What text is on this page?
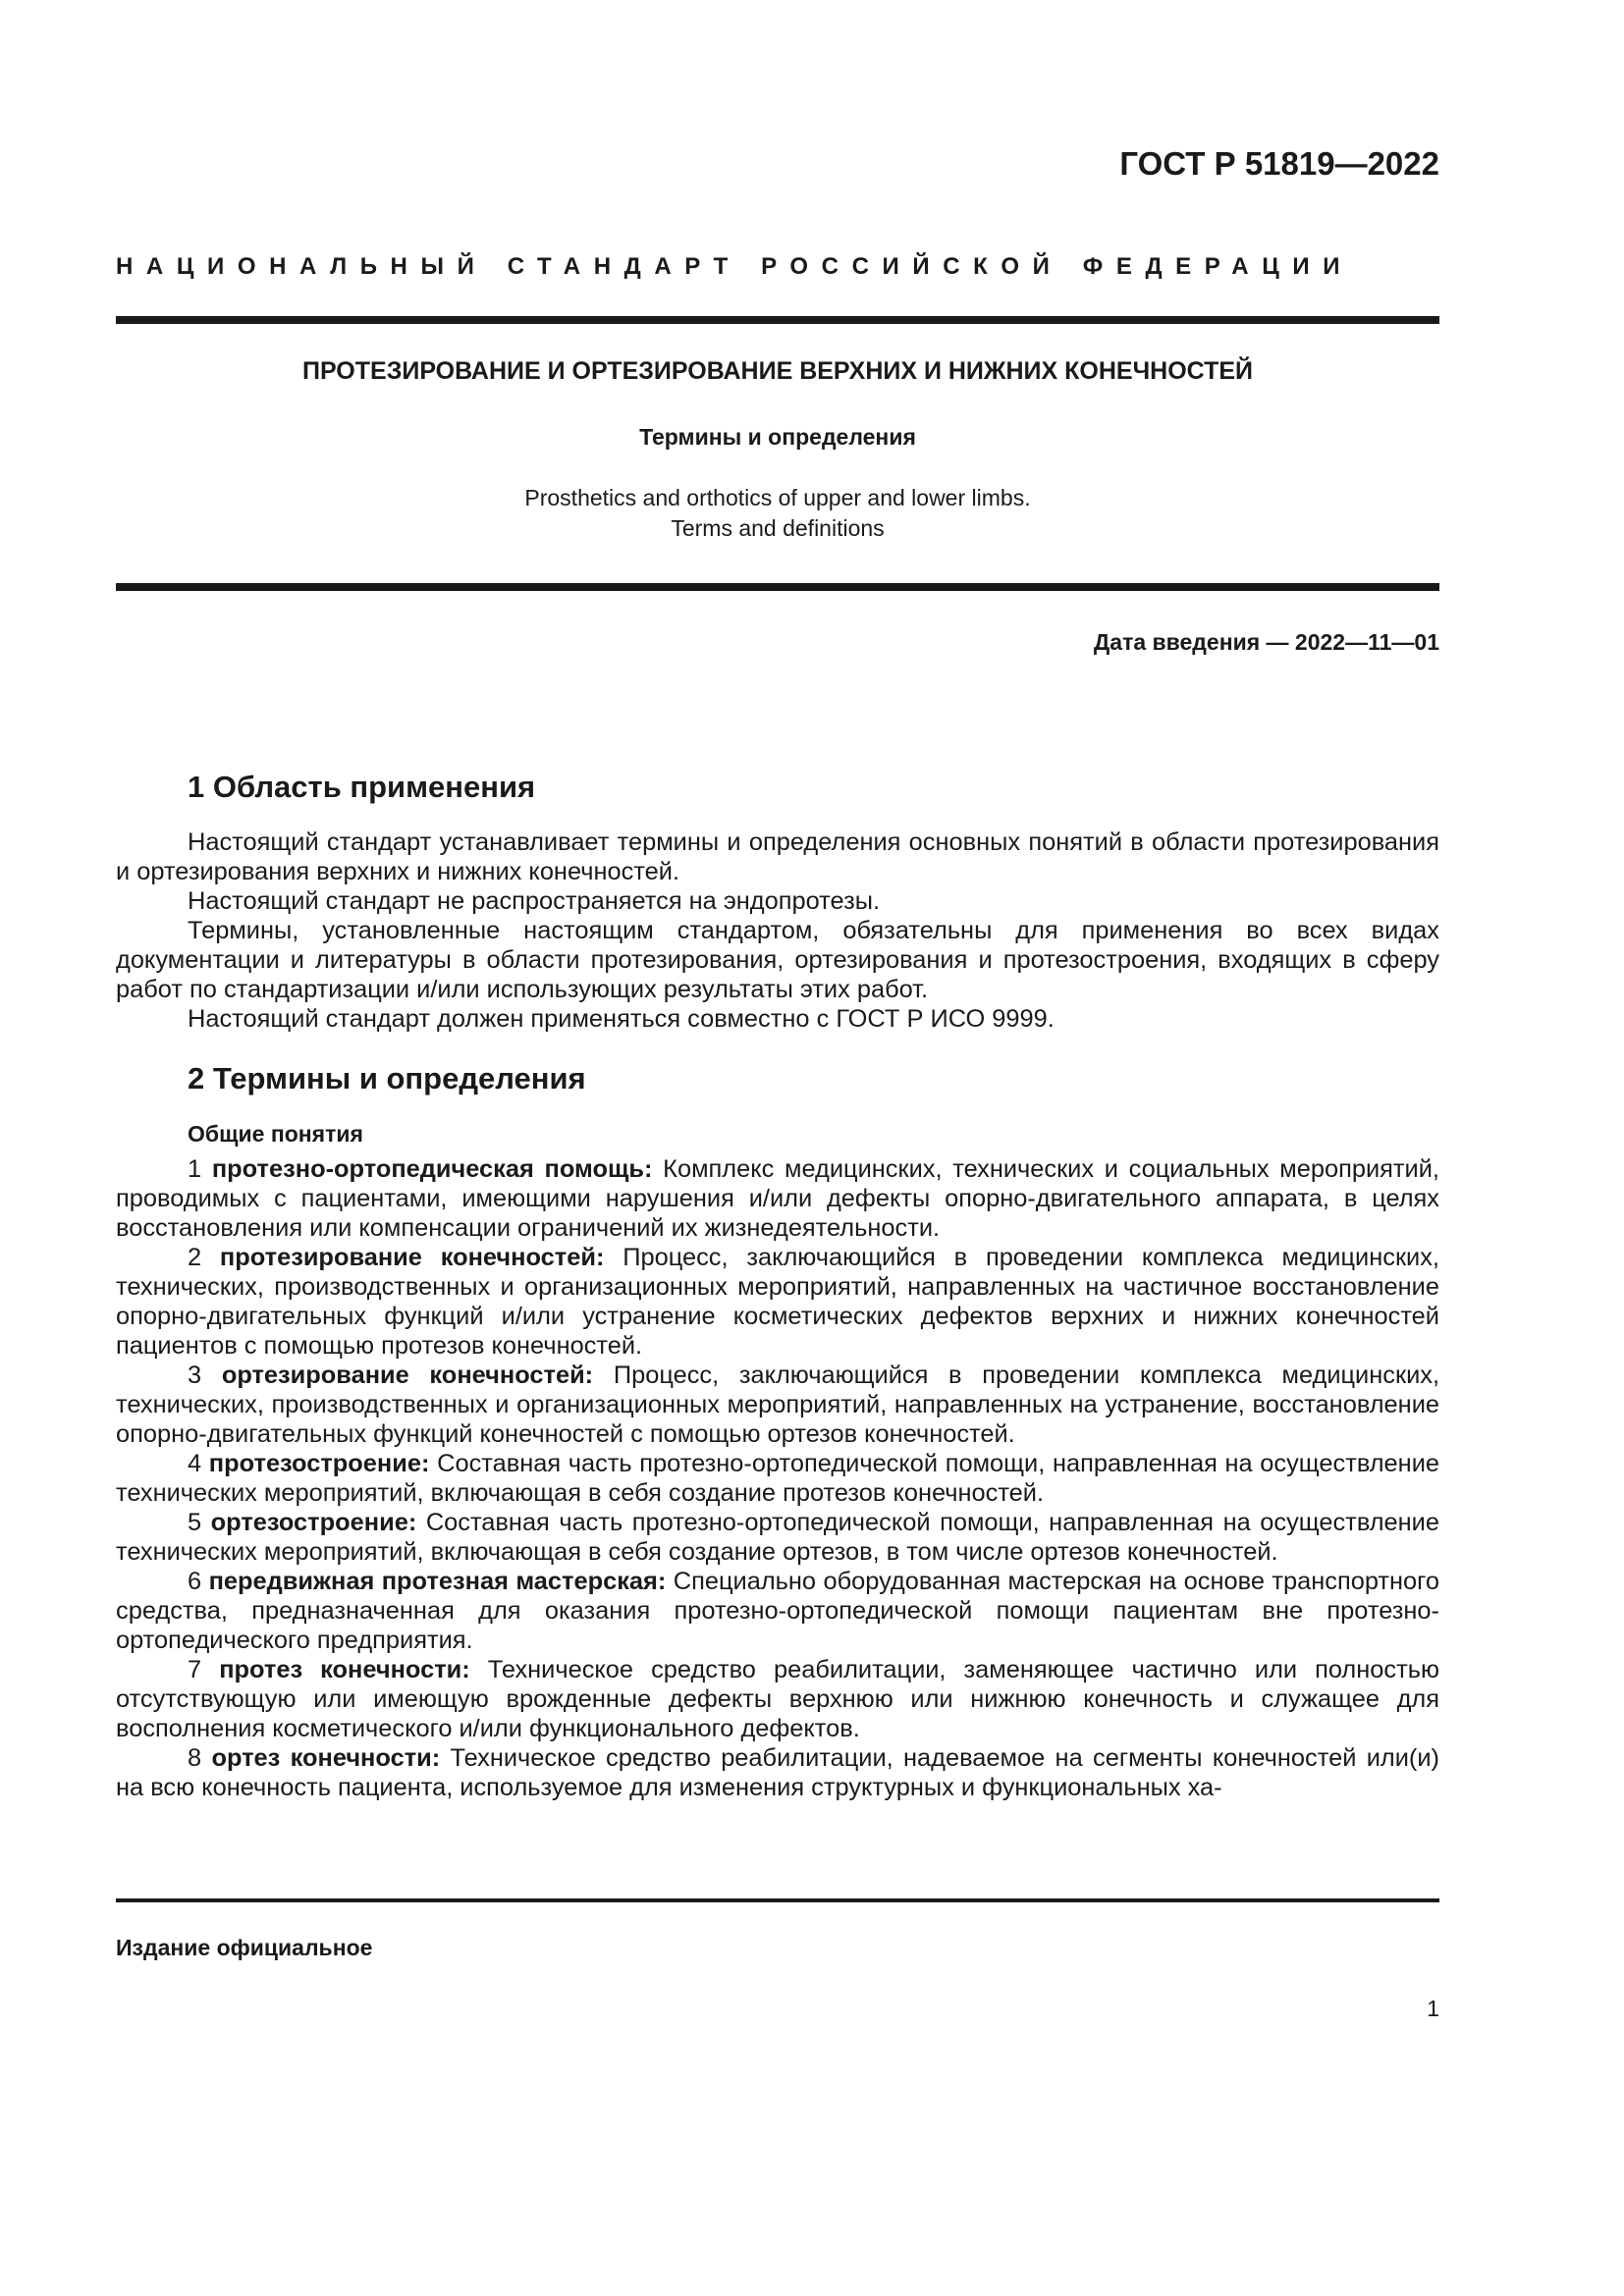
ГОСТ Р 51819—2022
НАЦИОНАЛЬНЫЙ СТАНДАРТ РОССИЙСКОЙ ФЕДЕРАЦИИ
ПРОТЕЗИРОВАНИЕ И ОРТЕЗИРОВАНИЕ ВЕРХНИХ И НИЖНИХ КОНЕЧНОСТЕЙ
Термины и определения
Prosthetics and orthotics of upper and lower limbs.
Terms and definitions
Дата введения — 2022—11—01
1 Область применения

Настоящий стандарт устанавливает термины и определения основных понятий в области протезирования и ортезирования верхних и нижних конечностей.

Настоящий стандарт не распространяется на эндопротезы.

Термины, установленные настоящим стандартом, обязательны для применения во всех видах документации и литературы в области протезирования, ортезирования и протезостроения, входящих в сферу работ по стандартизации и/или использующих результаты этих работ.

Настоящий стандарт должен применяться совместно с ГОСТ Р ИСО 9999.

2 Термины и определения
Общие понятия

1 протезно-ортопедическая помощь: Комплекс медицинских, технических и социальных мероприятий, проводимых с пациентами, имеющими нарушения и/или дефекты опорно-двигательного аппарата, в целях восстановления или компенсации ограничений их жизнедеятельности.

2 протезирование конечностей: Процесс, заключающийся в проведении комплекса медицинских, технических, производственных и организационных мероприятий, направленных на частичное восстановление опорно-двигательных функций и/или устранение косметических дефектов верхних и нижних конечностей пациентов с помощью протезов конечностей.

3 ортезирование конечностей: Процесс, заключающийся в проведении комплекса медицинских, технических, производственных и организационных мероприятий, направленных на устранение, восстановление опорно-двигательных функций конечностей с помощью ортезов конечностей.

4 протезостроение: Составная часть протезно-ортопедической помощи, направленная на осуществление технических мероприятий, включающая в себя создание протезов конечностей.

5 ортезостроение: Составная часть протезно-ортопедической помощи, направленная на осуществление технических мероприятий, включающая в себя создание ортезов, в том числе ортезов конечностей.

6 передвижная протезная мастерская: Специально оборудованная мастерская на основе транспортного средства, предназначенная для оказания протезно-ортопедической помощи пациентам вне протезно-ортопедического предприятия.

7 протез конечности: Техническое средство реабилитации, заменяющее частично или полностью отсутствующую или имеющую врожденные дефекты верхнюю или нижнюю конечность и служащее для восполнения косметического и/или функционального дефектов.

8 ортез конечности: Техническое средство реабилитации, надеваемое на сегменты конечностей или(и) на всю конечность пациента, используемое для изменения структурных и функциональных ха-

Издание официальное
1
